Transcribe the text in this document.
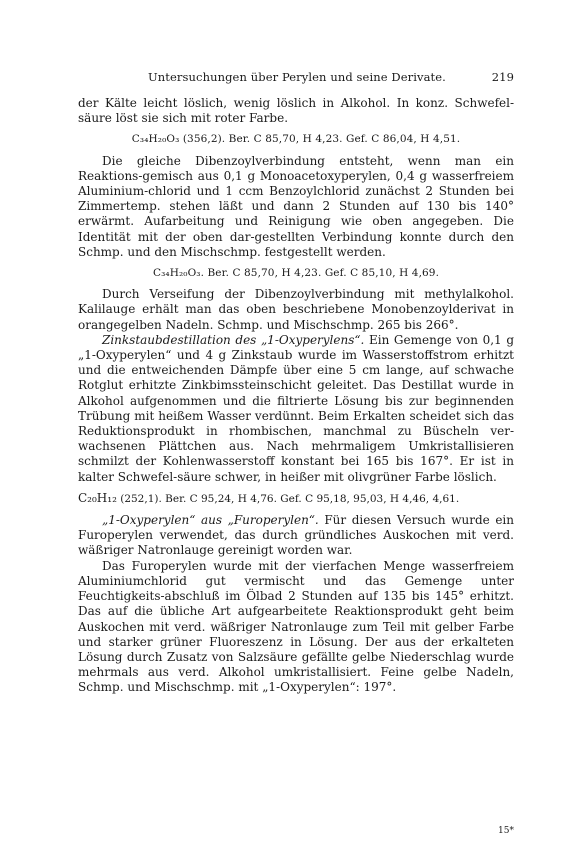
Untersuchungen über Perylen und seine Derivate.	219

der Kälte leicht löslich, wenig löslich in Alkohol. In konz. Schwefel-säure löst sie sich mit roter Farbe.

C₃₄H₂₀O₃ (356,2). Ber. C 85,70, H 4,23. Gef. C 86,04, H 4,51.

Die gleiche Dibenzoylverbindung entsteht, wenn man ein Reaktions-gemisch aus 0,1 g Monoacetoxyperylen, 0,4 g wasserfreiem Aluminium-chlorid und 1 ccm Benzoylchlorid zunächst 2 Stunden bei Zimmertemp. stehen läßt und dann 2 Stunden auf 130 bis 140° erwärmt. Aufarbeitung und Reinigung wie oben angegeben. Die Identität mit der oben dar-gestellten Verbindung konnte durch den Schmp. und den Mischschmp. festgestellt werden.

C₃₄H₂₀O₃. Ber. C 85,70, H 4,23. Gef. C 85,10, H 4,69.

Durch Verseifung der Dibenzoylverbindung mit methylalkohol. Kalilauge erhält man das oben beschriebene Monobenzoylderivat in orangegelben Nadeln. Schmp. und Mischschmp. 265 bis 266°.

Zinkstaubdestillation des „1-Oxyperylens“. Ein Gemenge von 0,1 g „1-Oxyperylen“ und 4 g Zinkstaub wurde im Wasserstoffstrom erhitzt und die entweichenden Dämpfe über eine 5 cm lange, auf schwache Rotglut erhitzte Zinkbimssteinschicht geleitet. Das Destillat wurde in Alkohol aufgenommen und die filtrierte Lösung bis zur beginnenden Trübung mit heißem Wasser verdünnt. Beim Erkalten scheidet sich das Reduktionsprodukt in rhombischen, manchmal zu Büscheln ver-wachsenen Plättchen aus. Nach mehrmaligem Umkristallisieren schmilzt der Kohlenwasserstoff konstant bei 165 bis 167°. Er ist in kalter Schwefel-säure schwer, in heißer mit olivgrüner Farbe löslich.

C₂₀H₁₂ (252,1). Ber. C 95,24, H 4,76. Gef. C 95,18, 95,03, H 4,46, 4,61.

„1-Oxyperylen“ aus „Furoperylen“. Für diesen Versuch wurde ein Furoperylen verwendet, das durch gründliches Auskochen mit verd. wäßriger Natronlauge gereinigt worden war.

Das Furoperylen wurde mit der vierfachen Menge wasserfreiem Aluminiumchlorid gut vermischt und das Gemenge unter Feuchtigkeits-abschluß im Ölbad 2 Stunden auf 135 bis 145° erhitzt. Das auf die übliche Art aufgearbeitete Reaktionsprodukt geht beim Auskochen mit verd. wäßriger Natronlauge zum Teil mit gelber Farbe und starker grüner Fluoreszenz in Lösung. Der aus der erkalteten Lösung durch Zusatz von Salzsäure gefällte gelbe Niederschlag wurde mehrmals aus verd. Alkohol umkristallisiert. Feine gelbe Nadeln, Schmp. und Mischschmp. mit „1-Oxyperylen“: 197°.

15*
